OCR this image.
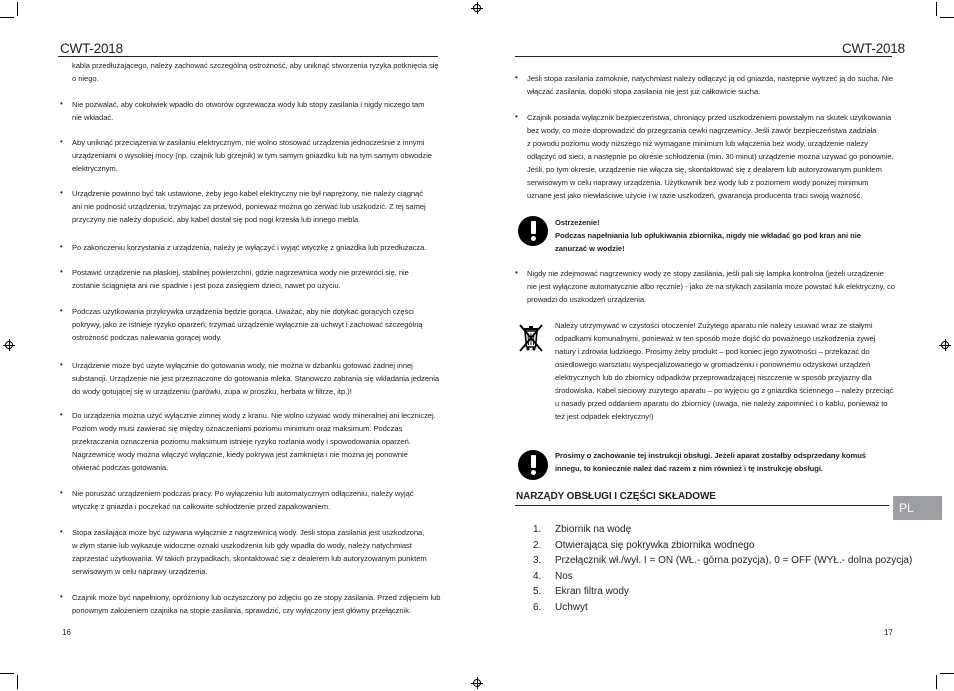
CWT-2018
kabla przedłużającego, należy zachować szczególną ostrożność, aby uniknąć stworzenia ryzyka potknięcia się
o niego.
• Nie pozwalać, aby cokolwiek wpadło do otworów ogrzewacza wody lub stopy zasilania i nigdy niczego tam
nie wkładać.
• Aby uniknąć przeciążenia w zasilaniu elektrycznym, nie wolno stosować urządzenia jednocześnie z innymi
urządzeniami o wysokiej mocy (np. czajnik lub grzejnik) w tym samym gniazdku lub na tym samym obwodzie
elektrycznym.
• Urządzenie powinno być tak ustawione, żeby jego kabel elektryczny nie był naprężony, nie należy ciągnąć
ani nie podnosić urządzenia, trzymając za przewód, ponieważ można go zerwać lub uszkodzić. Z tej samej
przyczyny nie należy dopuścić, aby kabel dostał się pod nogi krzesła lub innego mebla.
• Po zakończeniu korzystania z urządzenia, należy je wyłączyć i wyjąć wtyczkę z gniazdka lub przedłużacza.
• Postawić urządzenie na płaskiej, stabilnej powierzchni, gdzie nagrzewnica wody nie przewróci się, nie
zostanie ściągnięta ani nie spadnie i jest poza zasięgiem dzieci, nawet po użyciu.
• Podczas użytkowania przykrywka urządzenia będzie gorąca. Uważać, aby nie dotykać gorących części
pokrywy, jako że istnieje ryzyko oparzeń; trzymać urządzenie wyłącznie za uchwyt i zachować szczególną
ostrożność podczas nalewania gorącej wody.
• Urządzenie może być użyte wyłącznie do gotowania wody, nie można w dzbanku gotować żadnej innej
substancji. Urządzenie nie jest przeznaczone do gotowania mleka. Stanowczo zabrania się wkładania jedzenia
do wody gotującej się w urządzeniu (parówki, zupa w proszku, herbata w filtrze, itp.)!
• Do urządzenia można użyć wyłącznie zimnej wody z kranu. Nie wolno używać wody mineralnej ani leczniczej.
Poziom wody musi zawierać się między oznaczeniami poziomu minimum oraz maksimum. Podczas
przekraczania oznaczenia poziomu maksimum istnieje ryzyko rozlania wody i spowodowania oparzeń.
Nagrzewnicę wody można włączyć wyłącznie, kiedy pokrywa jest zamknięta i nie można jej ponownie
otwierać podczas gotowania.
• Nie poruszać urządzeniem podczas pracy. Po wyłączeniu lub automatycznym odłączeniu, należy wyjąć
wtyczkę z gniazda i poczekać na całkowite schłodzenie przed zapakowaniem.
• Stopa zasilająca może być używana wyłącznie z nagrzewnicą wody. Jeśli stopa zasilania jest uszkodzona,
w złym stanie lub wykazuje widoczne oznaki uszkodzenia lub gdy wpadła do wody, należy natychmiast
zaprzestać użytkowania. W takich przypadkach, skontaktować się z dealerem lub autoryzowanym punktem
serwisowym w celu naprawy urządzenia.
• Czajnik może być napełniony, opróżniony lub oczyszczony po zdjęciu go ze stopy zasilania. Przed zdjęciem lub
ponownym założeniem czajnika na stopie zasilania, sprawdzić, czy wyłączony jest główny przełącznik.
16
CWT-2018
• Jeśli stopa zasilania zamoknie, natychmiast należy odłączyć ją od gniazda, następnie wytrzeć ją do sucha. Nie
włączać zasilania, dopóki stopa zasilania nie jest już całkowicie sucha.
• Czajnik posiada wyłącznik bezpieczeństwa, chroniący przed uszkodzeniem powstałym na skutek użytkowania
bez wody, co może doprowadzić do przegrzania cewki nagrzewnicy. Jeśli zawór bezpieczeństwa zadziała
z powodu poziomu wody niższego niż wymagane minimum lub włączenia bez wody, urządzenie należy
odłączyć od sieci, a następnie po okresie schłodzenia (min. 30 minut) urządzenie można używać go ponownie.
Jeśli, po tym okresie, urządzenie nie włącza się, skontaktować się z dealarem lub autoryzowanym punktem
serwisowym w celu naprawy urządzenia. Użytkownik bez wody lub z poziomem wody poniżej minimum
uznane jest jako niewłaściwe użycie i w razie uszkodzeń, gwarancja producenta traci swoją ważność.
• Nigdy nie zdejmować nagrzewnicy wody ze stopy zasilania, jeśli pali się lampka kontrolna (jeżeli urządzenie
nie jest wyłączone automatycznie albo ręcznie) - jako że na stykach zasilania może powstać łuk elektryczny, co
prowadzi do uszkodzeń urządzenia.
Ostrzeżenie!
Podczas napełniania lub opłukiwania zbiornika, nigdy nie wkładać go pod kran ani nie
zanurzać w wodzie!
Należy utrzymywać w czystości otoczenie! Zużytego aparatu nie należy usuwać wraz ze stałymi
odpadkami komunalnymi, ponieważ w ten sposób może dojść do poważnego uszkodzenia żywej
natury i zdrowia ludzkiego. Prosimy żeby produkt – pod koniec jego żywotności – przekazać do
osiedlowego warsztatu wyspecjalizowanego w gromadzeniu i ponownemu odzyskowi urządzeń
elektrycznych lub do zbiornicy odpadków przeprowadzającej niszczenie w sposób przyjazny dla
środowiska. Kabel sieciowy zużytego aparatu – po wyjęciu go z gniazdka ściennego – należy przeciąć
u nasady przed oddaniem aparatu do zbiornicy (uwaga, nie należy zapomnieć i o kablu, ponieważ to
też jest odpadek elektryczny!)
Prosimy o zachowanie tej instrukcji obsługi. Jeżeli aparat zostałby odsprzedany komuś
innegu, to koniecznie należ dać razem z nim również i tę instrukcję obsługi.
NARZĄDY OBSŁUGI I CZĘŚCI SKŁADOWE
17
PL
1. Zbiornik na wodę
2. Otwierająca się pokrywka zbiornika wodnego
3. Przełącznik wł./wył. I = ON (WŁ.- górna pozycja), 0 = OFF (WYŁ.- dolna pozycja)
4. Nos
5. Ekran filtra wody
6. Uchwyt
